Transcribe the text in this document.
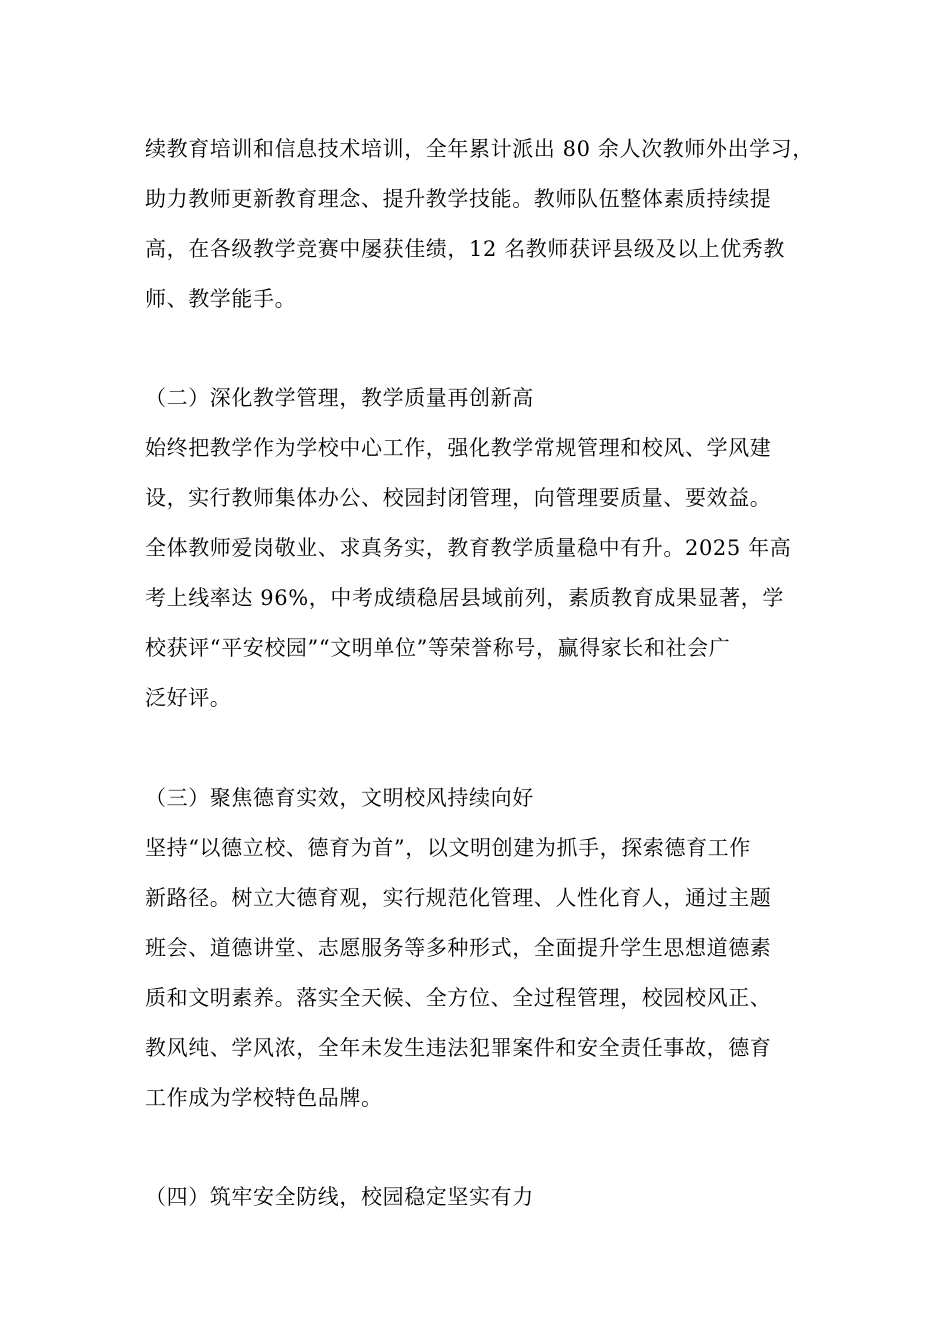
续教育培训和信息技术培训，全年累计派出 80 余人次教师外出学习，
助力教师更新教育理念、提升教学技能。教师队伍整体素质持续提
高，在各级教学竞赛中屡获佳绩，12 名教师获评县级及以上优秀教
师、教学能手。
（二）深化教学管理，教学质量再创新高
始终把教学作为学校中心工作，强化教学常规管理和校风、学风建
设，实行教师集体办公、校园封闭管理，向管理要质量、要效益。
全体教师爱岗敬业、求真务实，教育教学质量稳中有升。2025 年高
考上线率达 96%，中考成绩稳居县域前列，素质教育成果显著，学
校获评“平安校园”“文明单位”等荣誉称号，赢得家长和社会广
泛好评。
（三）聚焦德育实效，文明校风持续向好
坚持“以德立校、德育为首”，以文明创建为抓手，探索德育工作
新路径。树立大德育观，实行规范化管理、人性化育人，通过主题
班会、道德讲堂、志愿服务等多种形式，全面提升学生思想道德素
质和文明素养。落实全天候、全方位、全过程管理，校园校风正、
教风纯、学风浓，全年未发生违法犯罪案件和安全责任事故，德育
工作成为学校特色品牌。
（四）筑牢安全防线，校园稳定坚实有力
